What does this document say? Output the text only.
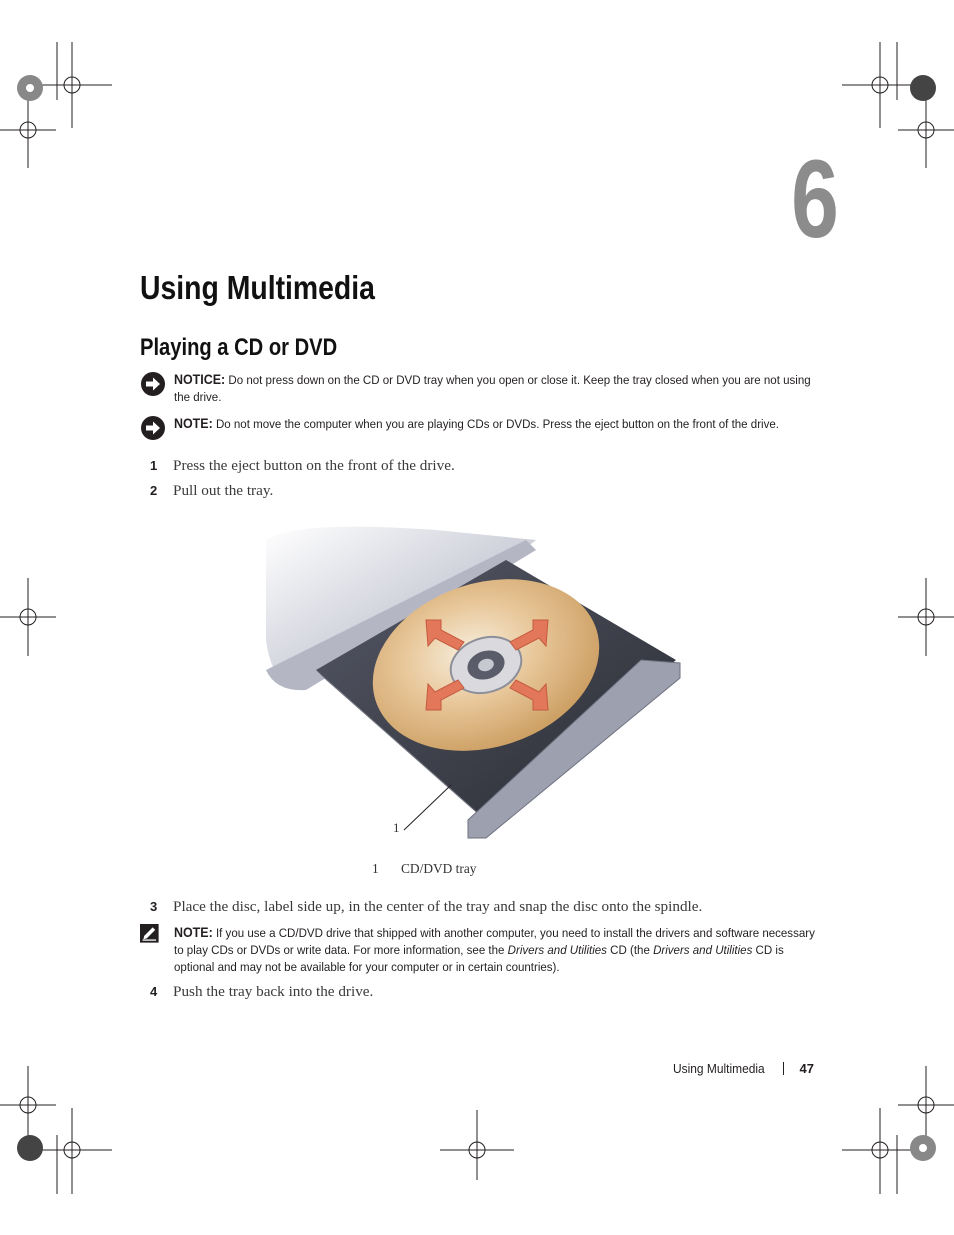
6
Using Multimedia
Playing a CD or DVD
NOTICE: Do not press down on the CD or DVD tray when you open or close it. Keep the tray closed when you are not using the drive.
NOTE: Do not move the computer when you are playing CDs or DVDs. Press the eject button on the front of the drive.
1 Press the eject button on the front of the drive.
2 Pull out the tray.
1
1 CD/DVD tray
3 Place the disc, label side up, in the center of the tray and snap the disc onto the spindle.
NOTE: If you use a CD/DVD drive that shipped with another computer, you need to install the drivers and software necessary to play CDs or DVDs or write data. For more information, see the Drivers and Utilities CD (the Drivers and Utilities CD is optional and may not be available for your computer or in certain countries).
4 Push the tray back into the drive.
Using Multimedia	47
